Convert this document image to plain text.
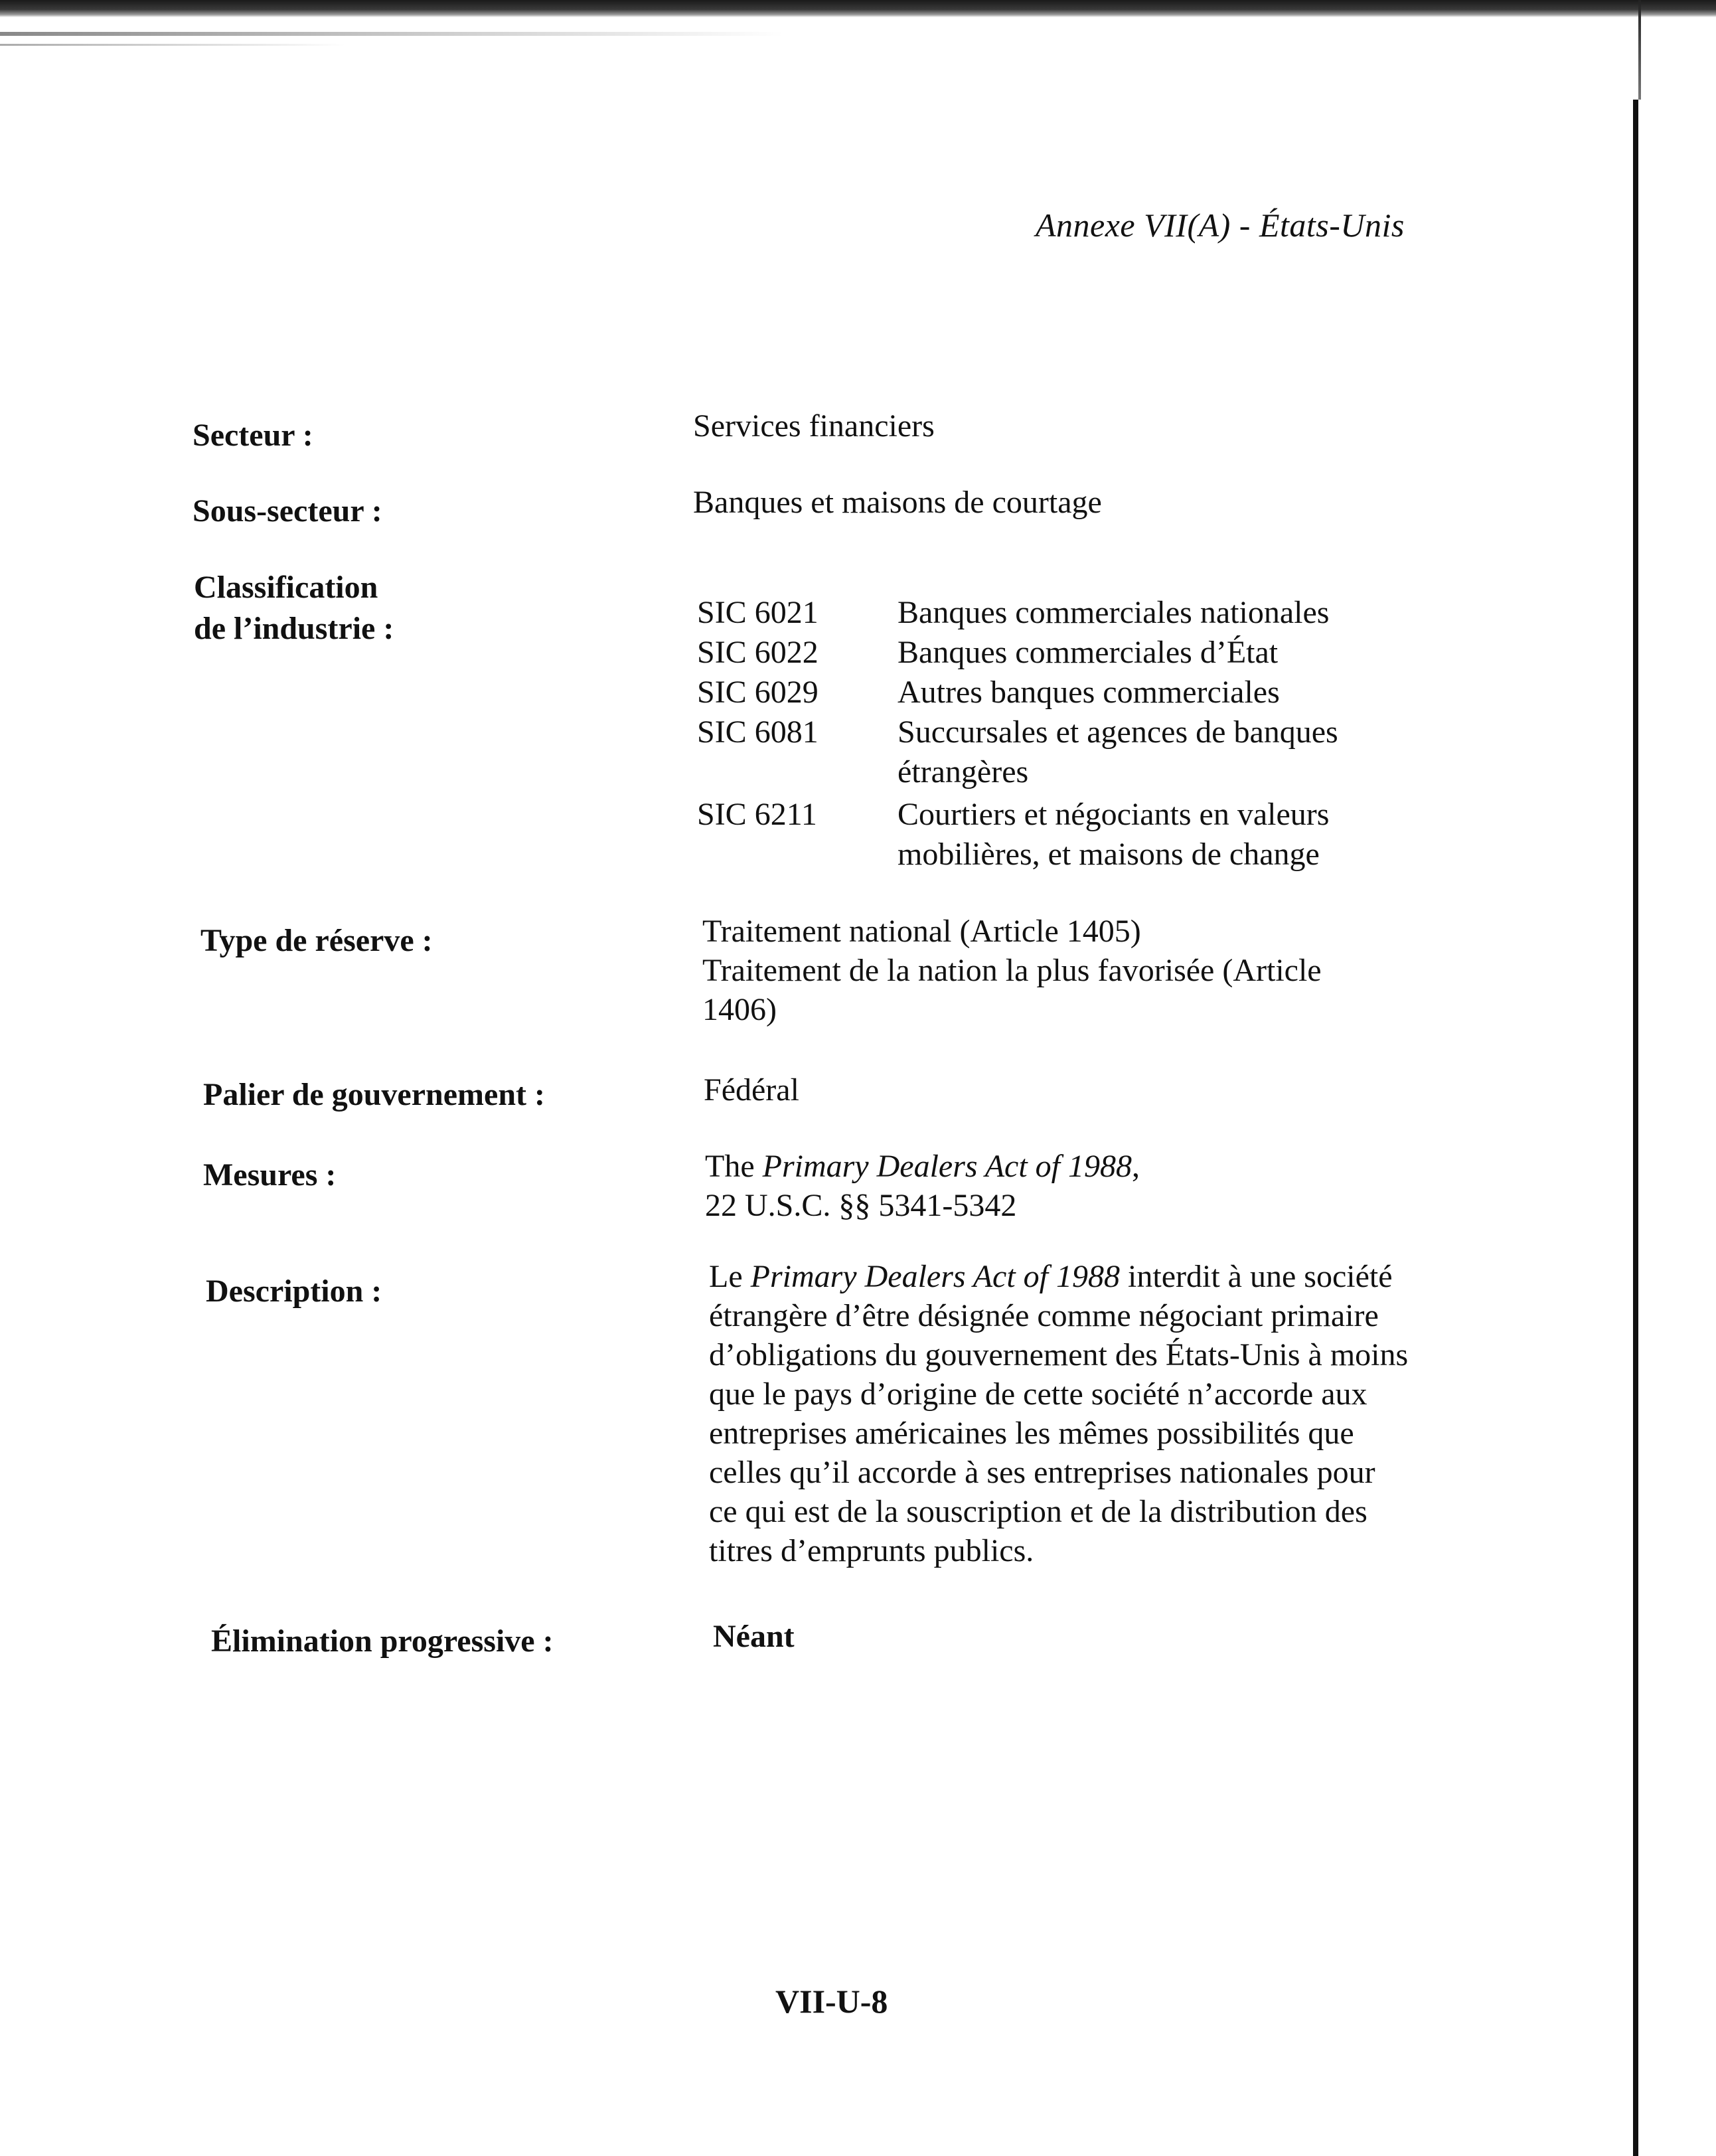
Annexe VII(A) - États-Unis
Secteur :	Services financiers
Sous-secteur :	Banques et maisons de courtage
Classification
de l’industrie :	SIC 6021	Banques commerciales nationales
SIC 6022	Banques commerciales d’État
SIC 6029	Autres banques commerciales
SIC 6081	Succursales et agences de banques
étrangères
SIC 6211	Courtiers et négociants en valeurs
mobilières, et maisons de change
Type de réserve :	Traitement national (Article 1405)
Traitement de la nation la plus favorisée (Article
1406)
Palier de gouvernement :	Fédéral
Mesures :	The Primary Dealers Act of 1988,
22 U.S.C. §§ 5341-5342
Description :	Le Primary Dealers Act of 1988 interdit à une société
étrangère d’être désignée comme négociant primaire
d’obligations du gouvernement des États-Unis à moins
que le pays d’origine de cette société n’accorde aux
entreprises américaines les mêmes possibilités que
celles qu’il accorde à ses entreprises nationales pour
ce qui est de la souscription et de la distribution des
titres d’emprunts publics.
Élimination progressive :	Néant
VII-U-8
